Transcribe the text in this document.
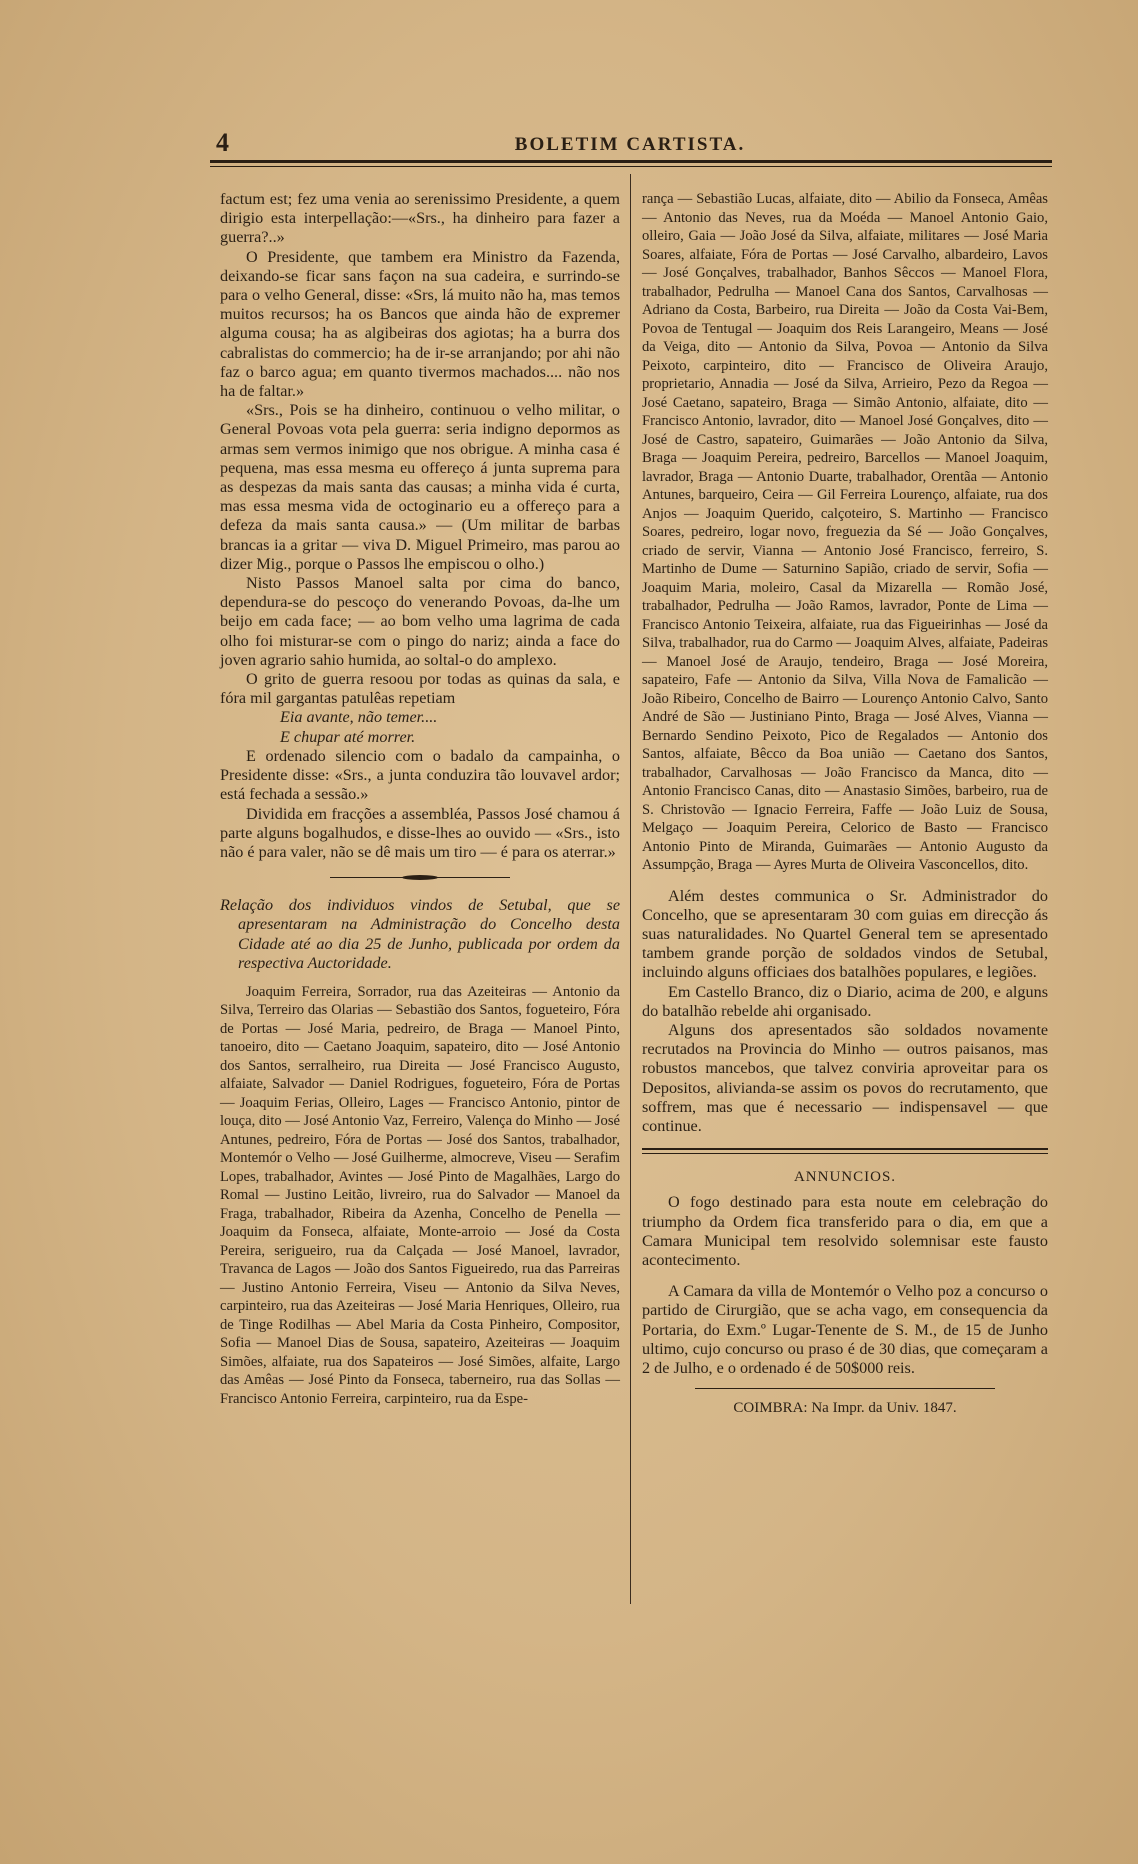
4	BOLETIM CARTISTA.

factum est; fez uma venia ao serenissimo Presidente, a quem dirigio esta interpellação:—«Srs., ha dinheiro para fazer a guerra?..»

O Presidente, que tambem era Ministro da Fazenda, deixando-se ficar sans façon na sua cadeira, e surrindo-se para o velho General, disse: «Srs, lá muito não ha, mas temos muitos recursos; ha os Bancos que ainda hão de expremer alguma cousa; ha as algibeiras dos agiotas; ha a burra dos cabralistas do commercio; ha de ir-se arranjando; por ahi não faz o barco agua; em quanto tivermos machados.... não nos ha de faltar.»

«Srs., Pois se ha dinheiro, continuou o velho militar, o General Povoas vota pela guerra: seria indigno depormos as armas sem vermos inimigo que nos obrigue. A minha casa é pequena, mas essa mesma eu offereço á junta suprema para as despezas da mais santa das causas; a minha vida é curta, mas essa mesma vida de octoginario eu a offereço para a defeza da mais santa causa.» — (Um militar de barbas brancas ia a gritar — viva D. Miguel Primeiro, mas parou ao dizer Mig., porque o Passos lhe empiscou o olho.)

Nisto Passos Manoel salta por cima do banco, dependura-se do pescoço do venerando Povoas, da-lhe um beijo em cada face; — ao bom velho uma lagrima de cada olho foi misturar-se com o pingo do nariz; ainda a face do joven agrario sahio humida, ao soltal-o do amplexo.

O grito de guerra resoou por todas as quinas da sala, e fóra mil gargantas patulêas repetiam

Eia avante, não temer....

E chupar até morrer.

E ordenado silencio com o badalo da campainha, o Presidente disse: «Srs., a junta conduzira tão louvavel ardor; está fechada a sessão.»

Dividida em fracções a assembléa, Passos José chamou á parte alguns bogalhudos, e disse-lhes ao ouvido — «Srs., isto não é para valer, não se dê mais um tiro — é para os aterrar.»

Relação dos individuos vindos de Setubal, que se apresentaram na Administração do Concelho desta Cidade até ao dia 25 de Junho, publicada por ordem da respectiva Auctoridade.

Joaquim Ferreira, Sorrador, rua das Azeiteiras — Antonio da Silva, Terreiro das Olarias — Sebastião dos Santos, fogueteiro, Fóra de Portas — José Maria, pedreiro, de Braga — Manoel Pinto, tanoeiro, dito — Caetano Joaquim, sapateiro, dito — José Antonio dos Santos, serralheiro, rua Direita — José Francisco Augusto, alfaiate, Salvador — Daniel Rodrigues, fogueteiro, Fóra de Portas — Joaquim Ferias, Olleiro, Lages — Francisco Antonio, pintor de louça, dito — José Antonio Vaz, Ferreiro, Valença do Minho — José Antunes, pedreiro, Fóra de Portas — José dos Santos, trabalhador, Montemór o Velho — José Guilherme, almocreve, Viseu — Serafim Lopes, trabalhador, Avintes — José Pinto de Magalhães, Largo do Romal — Justino Leitão, livreiro, rua do Salvador — Manoel da Fraga, trabalhador, Ribeira da Azenha, Concelho de Penella — Joaquim da Fonseca, alfaiate, Monte-arroio — José da Costa Pereira, serigueiro, rua da Calçada — José Manoel, lavrador, Travanca de Lagos — João dos Santos Figueiredo, rua das Parreiras — Justino Antonio Ferreira, Viseu — Antonio da Silva Neves, carpinteiro, rua das Azeiteiras — José Maria Henriques, Olleiro, rua de Tinge Rodilhas — Abel Maria da Costa Pinheiro, Compositor, Sofia — Manoel Dias de Sousa, sapateiro, Azeiteiras — Joaquim Simões, alfaiate, rua dos Sapateiros — José Simões, alfaite, Largo das Amêas — José Pinto da Fonseca, taberneiro, rua das Sollas — Francisco Antonio Ferreira, carpinteiro, rua da Espe-

rança — Sebastião Lucas, alfaiate, dito — Abilio da Fonseca, Amêas — Antonio das Neves, rua da Moéda — Manoel Antonio Gaio, olleiro, Gaia — João José da Silva, alfaiate, militares — José Maria Soares, alfaiate, Fóra de Portas — José Carvalho, albardeiro, Lavos — José Gonçalves, trabalhador, Banhos Sêccos — Manoel Flora, trabalhador, Pedrulha — Manoel Cana dos Santos, Carvalhosas — Adriano da Costa, Barbeiro, rua Direita — João da Costa Vai-Bem, Povoa de Tentugal — Joaquim dos Reis Larangeiro, Means — José da Veiga, dito — Antonio da Silva, Povoa — Antonio da Silva Peixoto, carpinteiro, dito — Francisco de Oliveira Araujo, proprietario, Annadia — José da Silva, Arrieiro, Pezo da Regoa — José Caetano, sapateiro, Braga — Simão Antonio, alfaiate, dito — Francisco Antonio, lavrador, dito — Manoel José Gonçalves, dito — José de Castro, sapateiro, Guimarães — João Antonio da Silva, Braga — Joaquim Pereira, pedreiro, Barcellos — Manoel Joaquim, lavrador, Braga — Antonio Duarte, trabalhador, Orentãa — Antonio Antunes, barqueiro, Ceira — Gil Ferreira Lourenço, alfaiate, rua dos Anjos — Joaquim Querido, calçoteiro, S. Martinho — Francisco Soares, pedreiro, logar novo, freguezia da Sé — João Gonçalves, criado de servir, Vianna — Antonio José Francisco, ferreiro, S. Martinho de Dume — Saturnino Sapião, criado de servir, Sofia — Joaquim Maria, moleiro, Casal da Mizarella — Romão José, trabalhador, Pedrulha — João Ramos, lavrador, Ponte de Lima — Francisco Antonio Teixeira, alfaiate, rua das Figueirinhas — José da Silva, trabalhador, rua do Carmo — Joaquim Alves, alfaiate, Padeiras — Manoel José de Araujo, tendeiro, Braga — José Moreira, sapateiro, Fafe — Antonio da Silva, Villa Nova de Famalicão — João Ribeiro, Concelho de Bairro — Lourenço Antonio Calvo, Santo André de São — Justiniano Pinto, Braga — José Alves, Vianna — Bernardo Sendino Peixoto, Pico de Regalados — Antonio dos Santos, alfaiate, Bêcco da Boa união — Caetano dos Santos, trabalhador, Carvalhosas — João Francisco da Manca, dito — Antonio Francisco Canas, dito — Anastasio Simões, barbeiro, rua de S. Christovão — Ignacio Ferreira, Faffe — João Luiz de Sousa, Melgaço — Joaquim Pereira, Celorico de Basto — Francisco Antonio Pinto de Miranda, Guimarães — Antonio Augusto da Assumpção, Braga — Ayres Murta de Oliveira Vasconcellos, dito.

Além destes communica o Sr. Administrador do Concelho, que se apresentaram 30 com guias em direcção ás suas naturalidades. No Quartel General tem se apresentado tambem grande porção de soldados vindos de Setubal, incluindo alguns officiaes dos batalhões populares, e legiões.

Em Castello Branco, diz o Diario, acima de 200, e alguns do batalhão rebelde ahi organisado.

Alguns dos apresentados são soldados novamente recrutados na Provincia do Minho — outros paisanos, mas robustos mancebos, que talvez conviria aproveitar para os Depositos, alivianda-se assim os povos do recrutamento, que soffrem, mas que é necessario — indispensavel — que continue.

ANNUNCIOS.

O fogo destinado para esta noute em celebração do triumpho da Ordem fica transferido para o dia, em que a Camara Municipal tem resolvido solemnisar este fausto acontecimento.

A Camara da villa de Montemór o Velho poz a concurso o partido de Cirurgião, que se acha vago, em consequencia da Portaria, do Exm.º Lugar-Tenente de S. M., de 15 de Junho ultimo, cujo concurso ou praso é de 30 dias, que começaram a 2 de Julho, e o ordenado é de 50$000 reis.

COIMBRA: Na Impr. da Univ. 1847.
